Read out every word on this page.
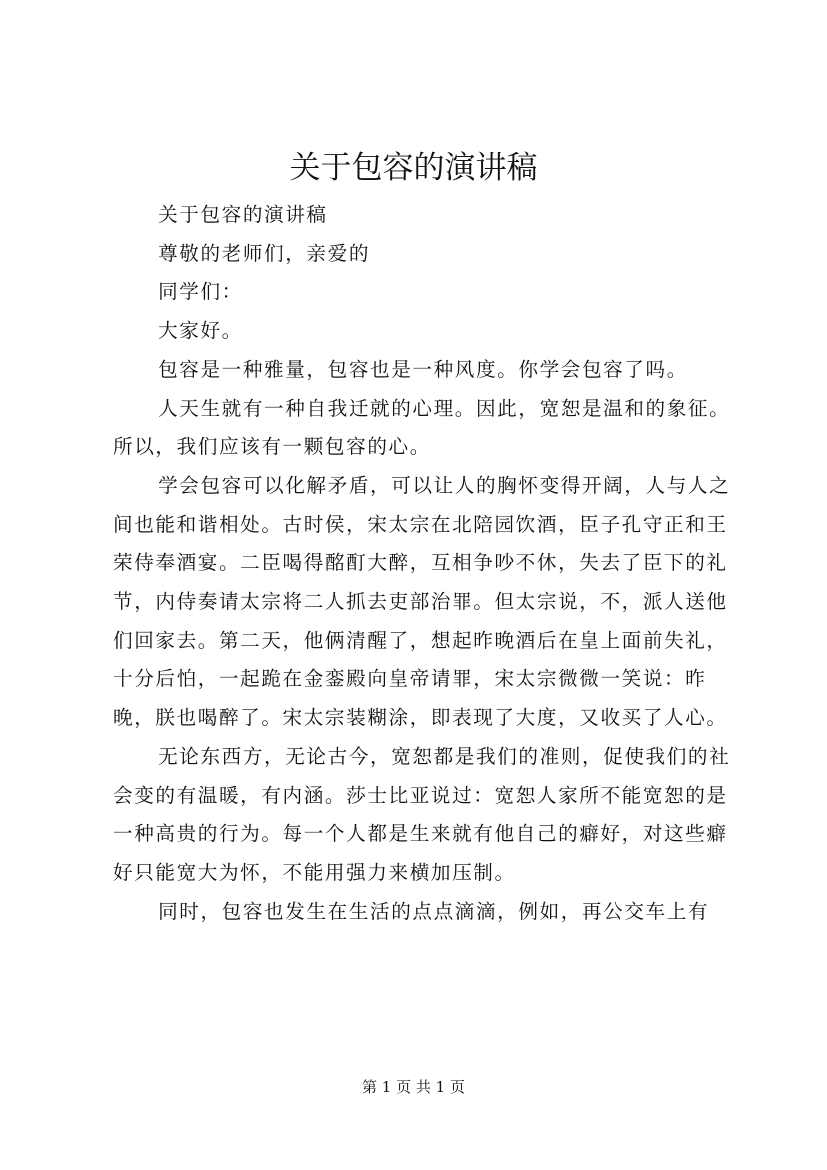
关于包容的演讲稿

关于包容的演讲稿

尊敬的老师们，亲爱的

同学们：

大家好。

包容是一种雅量，包容也是一种风度。你学会包容了吗。

人天生就有一种自我迁就的心理。因此，宽恕是温和的象征。所以，我们应该有一颗包容的心。

学会包容可以化解矛盾，可以让人的胸怀变得开阔，人与人之间也能和谐相处。古时侯，宋太宗在北陪园饮酒，臣子孔守正和王荣侍奉酒宴。二臣喝得酩酊大醉，互相争吵不休，失去了臣下的礼节，内侍奏请太宗将二人抓去吏部治罪。但太宗说，不，派人送他们回家去。第二天，他俩清醒了，想起昨晚酒后在皇上面前失礼，十分后怕，一起跪在金銮殿向皇帝请罪，宋太宗微微一笑说：昨晚，朕也喝醉了。宋太宗装糊涂，即表现了大度，又收买了人心。

无论东西方，无论古今，宽恕都是我们的准则，促使我们的社会变的有温暖，有内涵。莎士比亚说过：宽恕人家所不能宽恕的是一种高贵的行为。每一个人都是生来就有他自己的癖好，对这些癖好只能宽大为怀，不能用强力来横加压制。

同时，包容也发生在生活的点点滴滴，例如，再公交车上有

第 1 页 共 1 页
